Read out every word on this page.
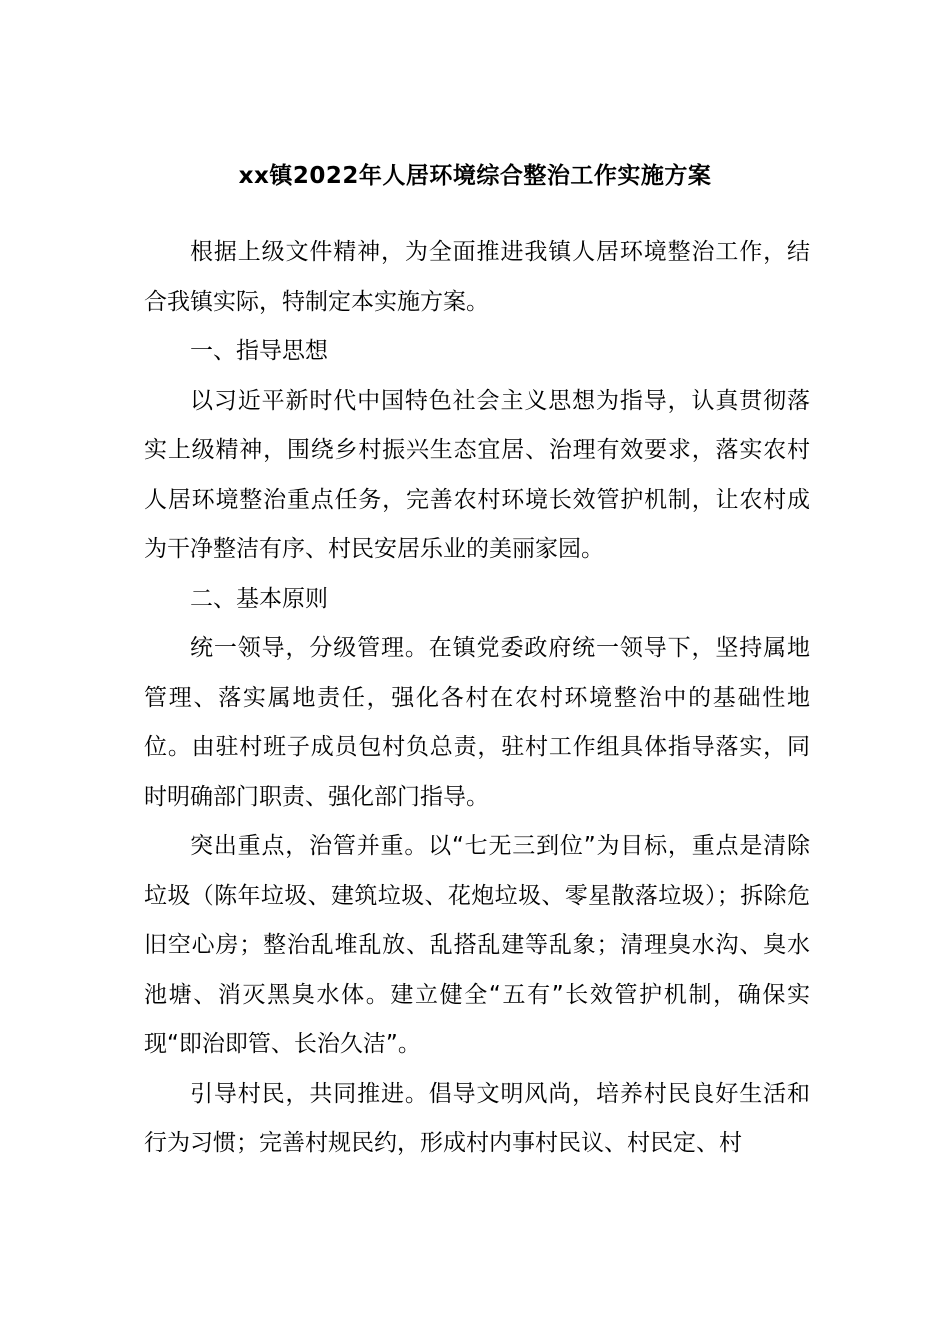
xx镇2022年人居环境综合整治工作实施方案

根据上级文件精神，为全面推进我镇人居环境整治工作，结合我镇实际，特制定本实施方案。

一、指导思想

以习近平新时代中国特色社会主义思想为指导，认真贯彻落实上级精神，围绕乡村振兴生态宜居、治理有效要求，落实农村人居环境整治重点任务，完善农村环境长效管护机制，让农村成为干净整洁有序、村民安居乐业的美丽家园。

二、基本原则

统一领导，分级管理。在镇党委政府统一领导下，坚持属地管理、落实属地责任，强化各村在农村环境整治中的基础性地位。由驻村班子成员包村负总责，驻村工作组具体指导落实，同时明确部门职责、强化部门指导。

突出重点，治管并重。以“七无三到位”为目标，重点是清除垃圾（陈年垃圾、建筑垃圾、花炮垃圾、零星散落垃圾）；拆除危旧空心房；整治乱堆乱放、乱搭乱建等乱象；清理臭水沟、臭水池塘、消灭黑臭水体。建立健全“五有”长效管护机制，确保实现“即治即管、长治久洁”。

引导村民，共同推进。倡导文明风尚，培养村民良好生活和行为习惯；完善村规民约，形成村内事村民议、村民定、村
